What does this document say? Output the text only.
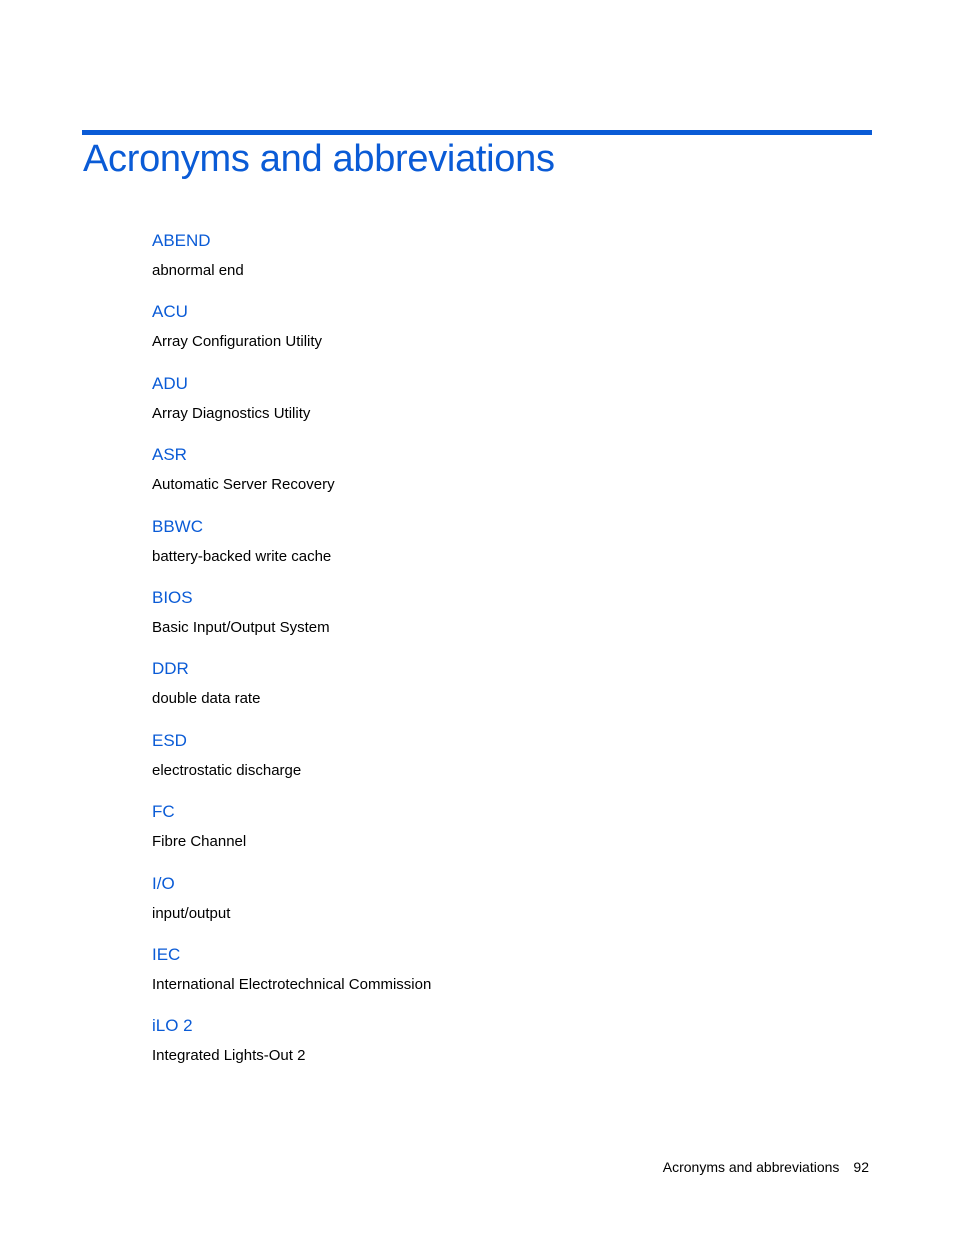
Acronyms and abbreviations
ABEND
abnormal end
ACU
Array Configuration Utility
ADU
Array Diagnostics Utility
ASR
Automatic Server Recovery
BBWC
battery-backed write cache
BIOS
Basic Input/Output System
DDR
double data rate
ESD
electrostatic discharge
FC
Fibre Channel
I/O
input/output
IEC
International Electrotechnical Commission
iLO 2
Integrated Lights-Out 2
Acronyms and abbreviations 92
